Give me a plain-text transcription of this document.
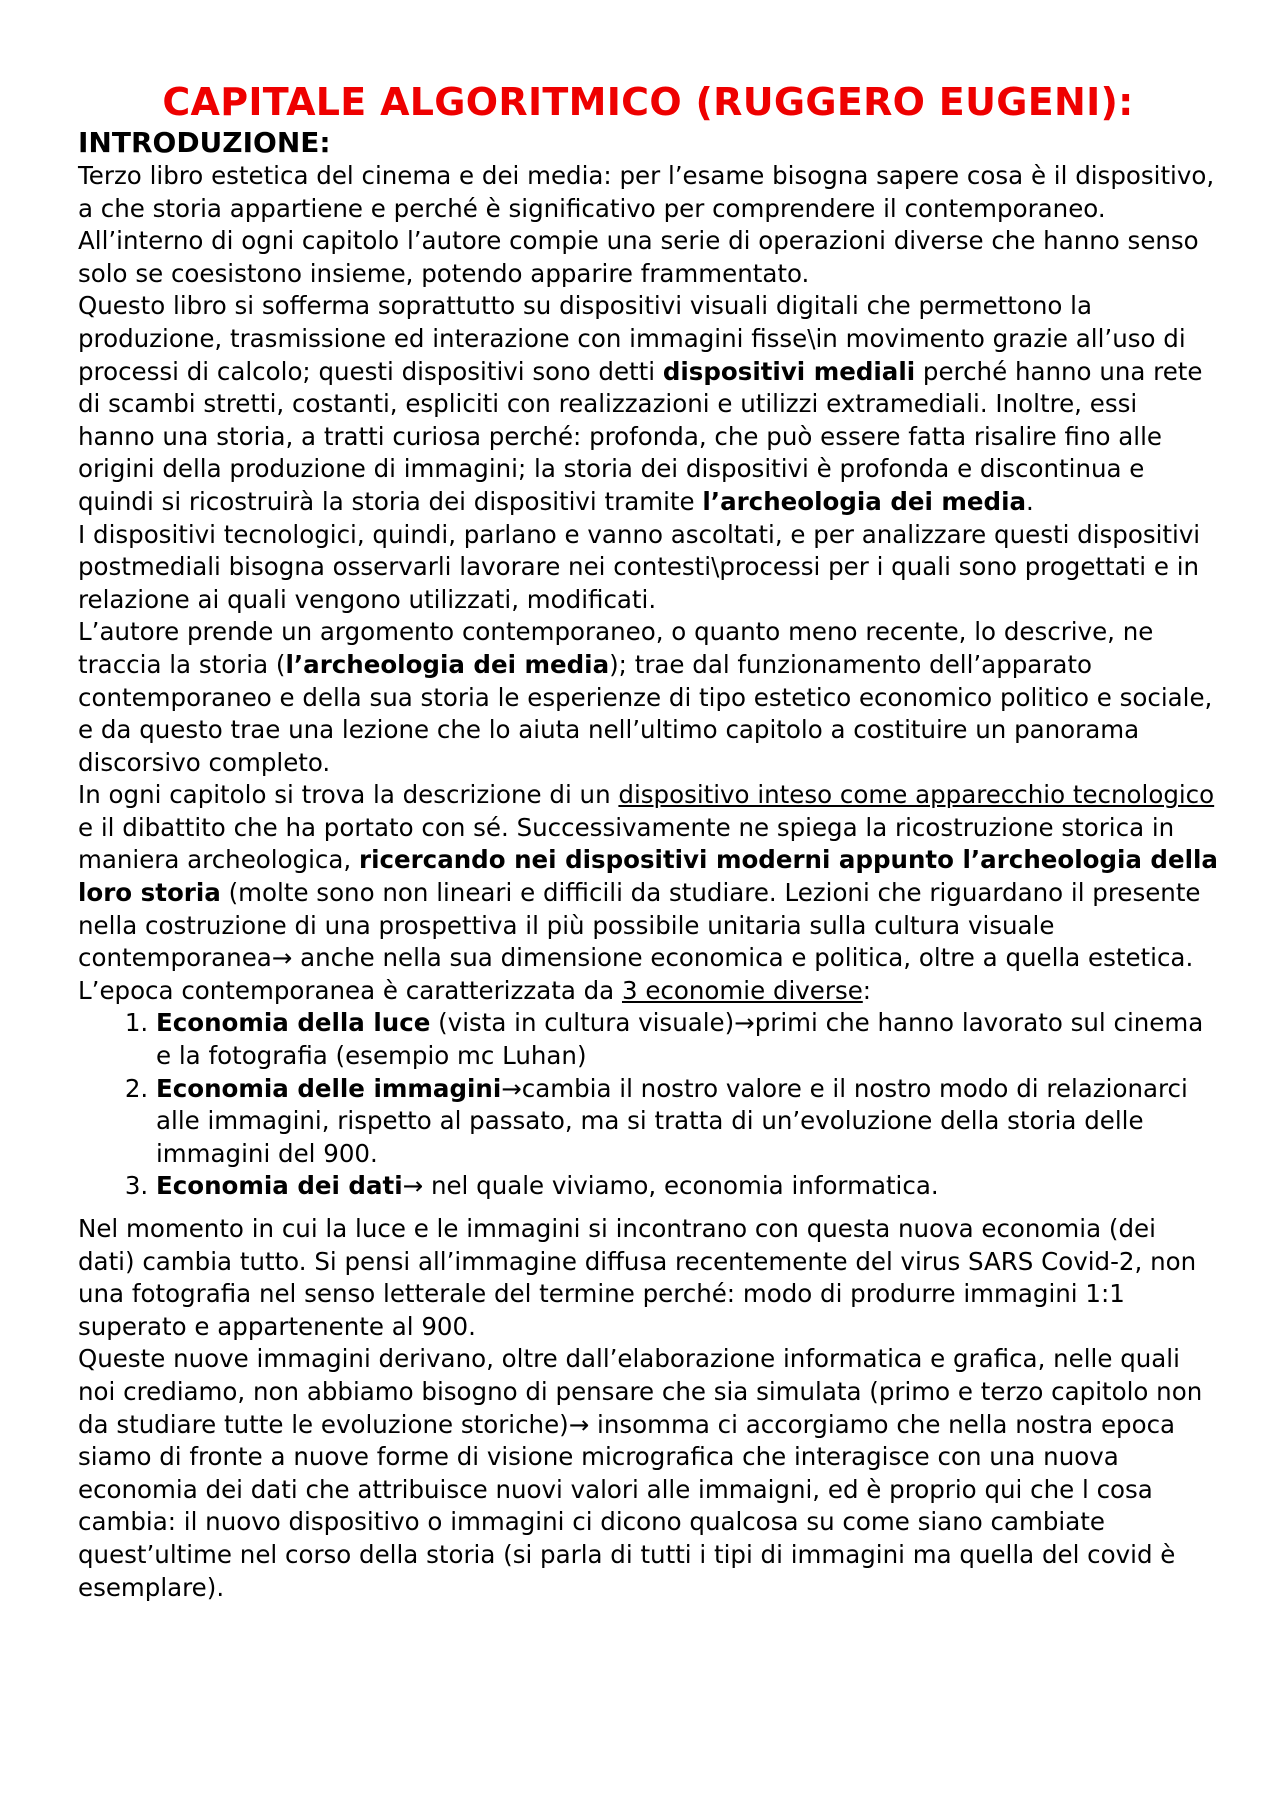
CAPITALE ALGORITMICO (RUGGERO EUGENI):
INTRODUZIONE:

Terzo libro estetica del cinema e dei media: per l’esame bisogna sapere cosa è il dispositivo, a che storia appartiene e perché è significativo per comprendere il contemporaneo.

All’interno di ogni capitolo l’autore compie una serie di operazioni diverse che hanno senso solo se coesistono insieme, potendo apparire frammentato.

Questo libro si sofferma soprattutto su dispositivi visuali digitali che permettono la produzione, trasmissione ed interazione con immagini fisse\in movimento grazie all’uso di processi di calcolo; questi dispositivi sono detti dispositivi mediali perché hanno una rete di scambi stretti, costanti, espliciti con realizzazioni e utilizzi extramediali. Inoltre, essi hanno una storia, a tratti curiosa perché: profonda, che può essere fatta risalire fino alle origini della produzione di immagini; la storia dei dispositivi è profonda e discontinua e quindi si ricostruirà la storia dei dispositivi tramite l’archeologia dei media.

I dispositivi tecnologici, quindi, parlano e vanno ascoltati, e per analizzare questi dispositivi postmediali bisogna osservarli lavorare nei contesti\processi per i quali sono progettati e in relazione ai quali vengono utilizzati, modificati.

L’autore prende un argomento contemporaneo, o quanto meno recente, lo descrive, ne traccia la storia (l’archeologia dei media); trae dal funzionamento dell’apparato contemporaneo e della sua storia le esperienze di tipo estetico economico politico e sociale, e da questo trae una lezione che lo aiuta nell’ultimo capitolo a costituire un panorama discorsivo completo.

In ogni capitolo si trova la descrizione di un dispositivo inteso come apparecchio tecnologico e il dibattito che ha portato con sé. Successivamente ne spiega la ricostruzione storica in maniera archeologica, ricercando nei dispositivi moderni appunto l’archeologia della loro storia (molte sono non lineari e difficili da studiare. Lezioni che riguardano il presente nella costruzione di una prospettiva il più possibile unitaria sulla cultura visuale contemporanea→ anche nella sua dimensione economica e politica, oltre a quella estetica.

L’epoca contemporanea è caratterizzata da 3 economie diverse:

1. Economia della luce (vista in cultura visuale)→primi che hanno lavorato sul cinema e la fotografia (esempio mc Luhan)
2. Economia delle immagini→cambia il nostro valore e il nostro modo di relazionarci alle immagini, rispetto al passato, ma si tratta di un’evoluzione della storia delle immagini del 900.
3. Economia dei dati→ nel quale viviamo, economia informatica.

Nel momento in cui la luce e le immagini si incontrano con questa nuova economia (dei dati) cambia tutto. Si pensi all’immagine diffusa recentemente del virus SARS Covid-2, non una fotografia nel senso letterale del termine perché: modo di produrre immagini 1:1 superato e appartenente al 900.

Queste nuove immagini derivano, oltre dall’elaborazione informatica e grafica, nelle quali noi crediamo, non abbiamo bisogno di pensare che sia simulata (primo e terzo capitolo non da studiare tutte le evoluzione storiche)→ insomma ci accorgiamo che nella nostra epoca siamo di fronte a nuove forme di visione micrografica che interagisce con una nuova economia dei dati che attribuisce nuovi valori alle immaigni, ed è proprio qui che l cosa cambia: il nuovo dispositivo o immagini ci dicono qualcosa su come siano cambiate quest’ultime nel corso della storia (si parla di tutti i tipi di immagini ma quella del covid è esemplare).
